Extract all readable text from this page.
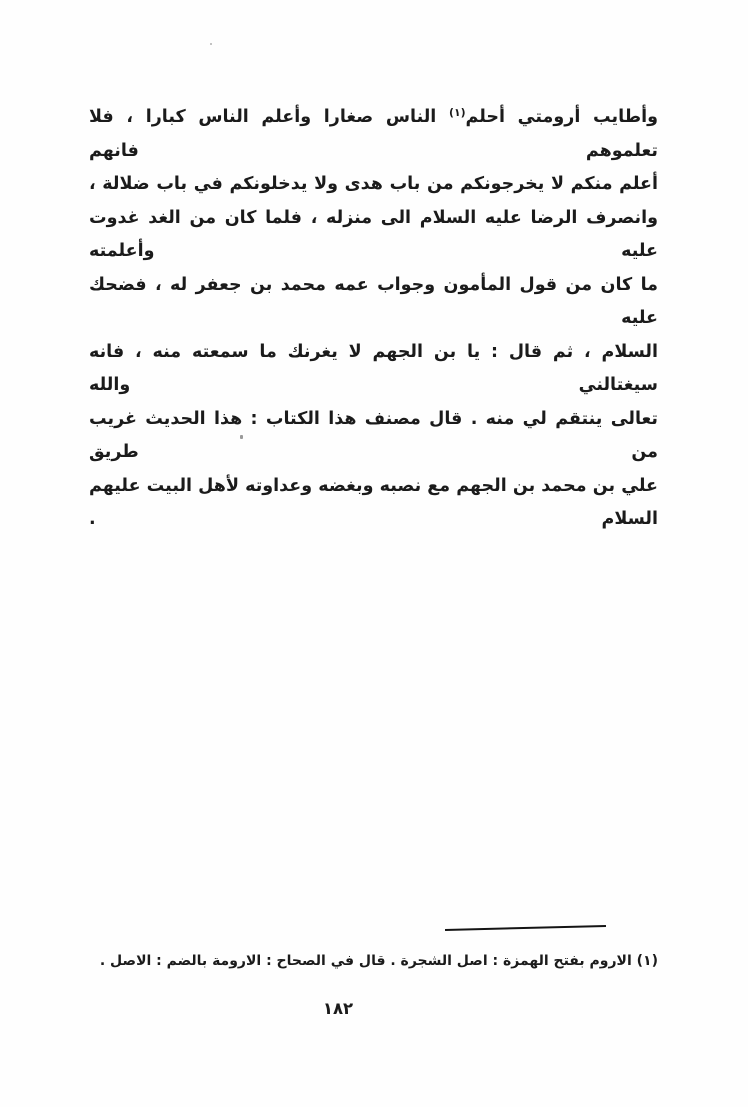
وأطايب أرومتي أحلم$^{(١)}$ الناس صغارا وأعلم الناس كبارا ، فلا تعلموهم فانهم

أعلم منكم لا يخرجونكم من باب هدى ولا يدخلونكم في باب ضلالة ،

وانصرف الرضا عليه السلام الى منزله ، فلما كان من الغد غدوت عليه وأعلمته

ما كان من قول المأمون وجواب عمه محمد بن جعفر له ، فضحك عليه

السلام ، ثم قال : يا بن الجهم لا يغرنك ما سمعته منه ، فانه سيغتالني والله

تعالى ينتقم لي منه . قال مصنف هذا الكتاب : هذا الحديث غريب من طريق

علي بن محمد بن الجهم مع نصبه وبغضه وعداوته لأهل البيت عليهم السلام .

(١) الاروم بفتح الهمزة : اصل الشجرة . قال في الصحاح : الارومة بالضم : الاصل .

١٨٢
